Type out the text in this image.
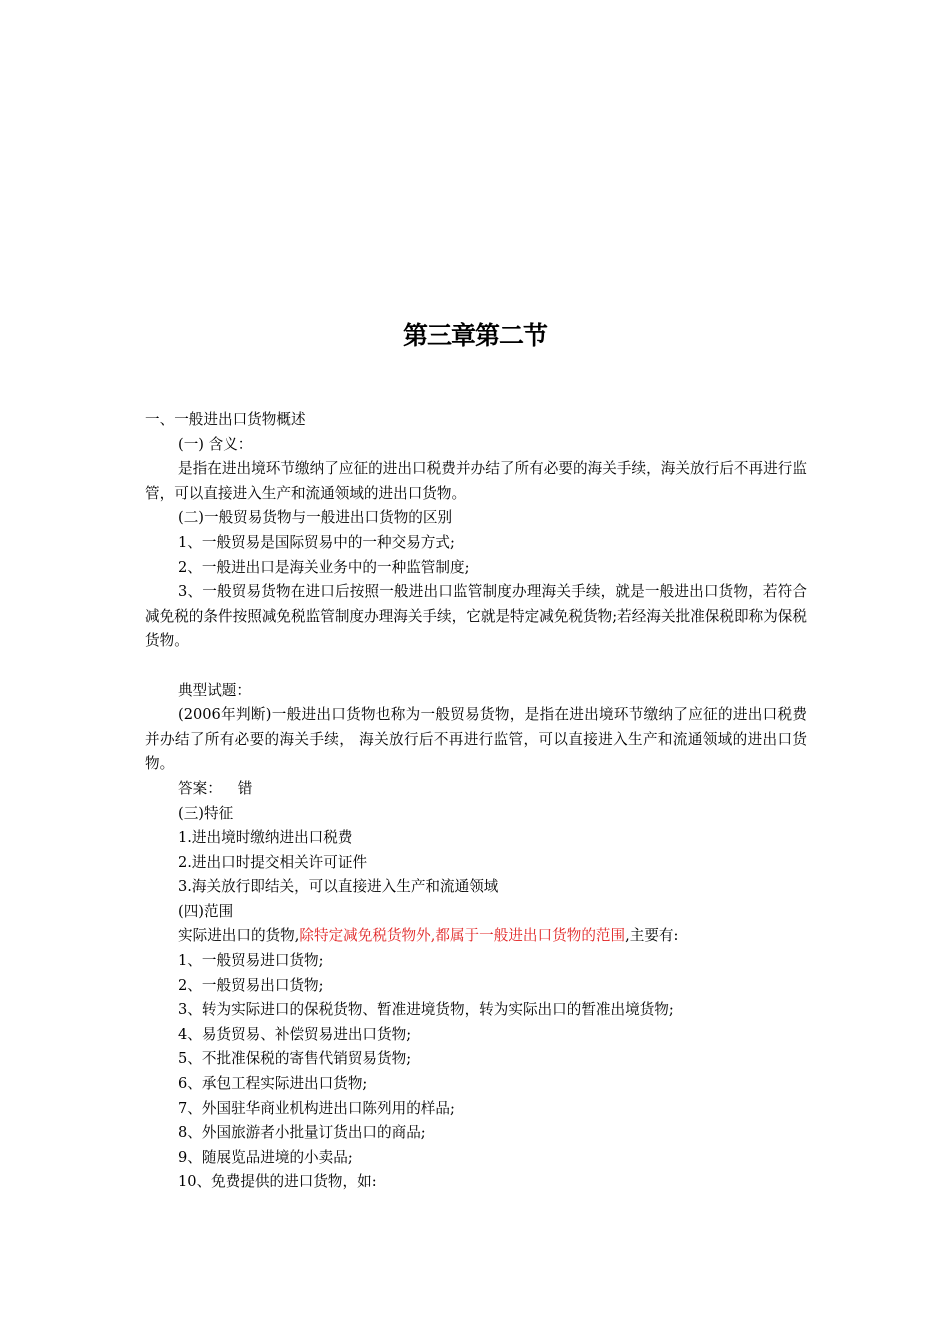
第三章第二节
一、一般进出口货物概述
(一) 含义：
是指在进出境环节缴纳了应征的进出口税费并办结了所有必要的海关手续，海关放行后不再进行监管，可以直接进入生产和流通领域的进出口货物。
(二)一般贸易货物与一般进出口货物的区别
1、一般贸易是国际贸易中的一种交易方式;
2、一般进出口是海关业务中的一种监管制度;
3、一般贸易货物在进口后按照一般进出口监管制度办理海关手续，就是一般进出口货物，若符合减免税的条件按照减免税监管制度办理海关手续，它就是特定减免税货物;若经海关批准保税即称为保税货物。
典型试题：
(2006年判断)一般进出口货物也称为一般贸易货物，是指在进出境环节缴纳了应征的进出口税费并办结了所有必要的海关手续， 海关放行后不再进行监管，可以直接进入生产和流通领域的进出口货物。
答案： 错
(三)特征
1.进出境时缴纳进出口税费
2.进出口时提交相关许可证件
3.海关放行即结关，可以直接进入生产和流通领域
(四)范围
实际进出口的货物,除特定减免税货物外,都属于一般进出口货物的范围,主要有:
1、一般贸易进口货物;
2、一般贸易出口货物;
3、转为实际进口的保税货物、暂准进境货物，转为实际出口的暂准出境货物;
4、易货贸易、补偿贸易进出口货物;
5、不批准保税的寄售代销贸易货物;
6、承包工程实际进出口货物;
7、外国驻华商业机构进出口陈列用的样品;
8、外国旅游者小批量订货出口的商品;
9、随展览品进境的小卖品;
10、免费提供的进口货物，如:
